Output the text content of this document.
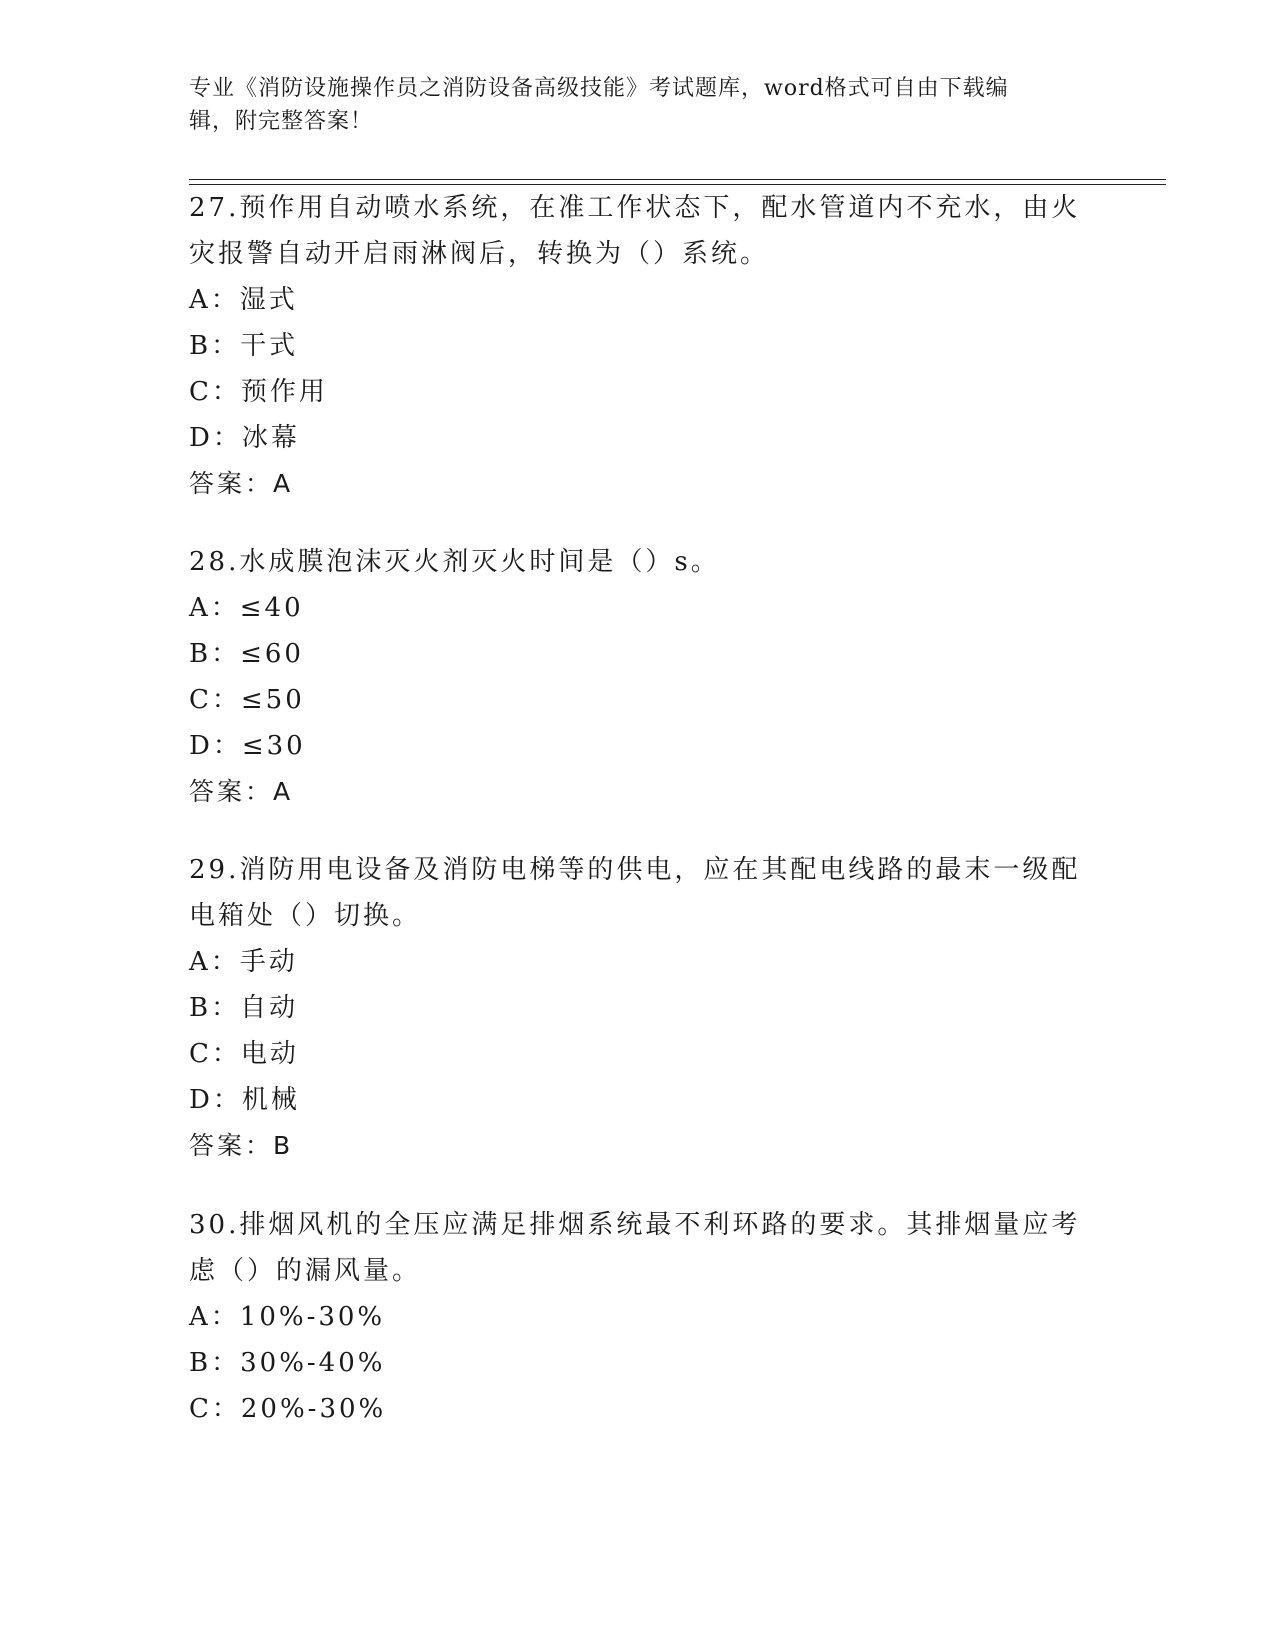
专业《消防设施操作员之消防设备高级技能》考试题库，word格式可自由下载编
辑，附完整答案！
27.预作用自动喷水系统，在准工作状态下，配水管道内不充水，由火
灾报警自动开启雨淋阀后，转换为（）系统。
A：湿式
B：干式
C：预作用
D：冰幕
答案：A
28.水成膜泡沫灭火剂灭火时间是（）s。
A：≤40
B：≤60
C：≤50
D：≤30
答案：A
29.消防用电设备及消防电梯等的供电，应在其配电线路的最末一级配
电箱处（）切换。
A：手动
B：自动
C：电动
D：机械
答案：B
30.排烟风机的全压应满足排烟系统最不利环路的要求。其排烟量应考
虑（）的漏风量。
A：10%-30%
B：30%-40%
C：20%-30%
